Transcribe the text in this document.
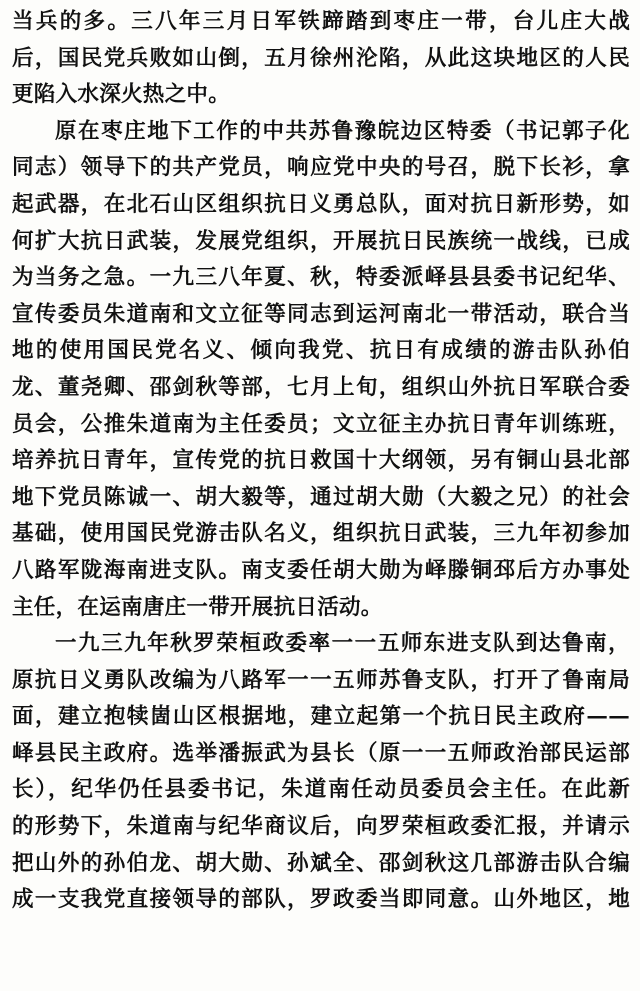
当兵的多。三八年三月日军铁蹄踏到枣庄一带，台儿庄大战
后，国民党兵败如山倒，五月徐州沦陷，从此这块地区的人民
更陷入水深火热之中。

原在枣庄地下工作的中共苏鲁豫皖边区特委（书记郭子化
同志）领导下的共产党员，响应党中央的号召，脱下长衫，拿
起武器，在北石山区组织抗日义勇总队，面对抗日新形势，如
何扩大抗日武装，发展党组织，开展抗日民族统一战线，已成
为当务之急。一九三八年夏、秋，特委派峄县县委书记纪华、
宣传委员朱道南和文立征等同志到运河南北一带活动，联合当
地的使用国民党名义、倾向我党、抗日有成绩的游击队孙伯
龙、董尧卿、邵剑秋等部，七月上旬，组织山外抗日军联合委
员会，公推朱道南为主任委员；文立征主办抗日青年训练班，
培养抗日青年，宣传党的抗日救国十大纲领，另有铜山县北部
地下党员陈诚一、胡大毅等，通过胡大勋（大毅之兄）的社会
基础，使用国民党游击队名义，组织抗日武装，三九年初参加
八路军陇海南进支队。南支委任胡大勋为峄滕铜邳后方办事处
主任，在运南唐庄一带开展抗日活动。

一九三九年秋罗荣桓政委率一一五师东进支队到达鲁南，
原抗日义勇队改编为八路军一一五师苏鲁支队，打开了鲁南局
面，建立抱犊崮山区根据地，建立起第一个抗日民主政府——
峄县民主政府。选举潘振武为县长（原一一五师政治部民运部
长），纪华仍任县委书记，朱道南任动员委员会主任。在此新
的形势下，朱道南与纪华商议后，向罗荣桓政委汇报，并请示
把山外的孙伯龙、胡大勋、孙斌全、邵剑秋这几部游击队合编
成一支我党直接领导的部队，罗政委当即同意。山外地区，地
